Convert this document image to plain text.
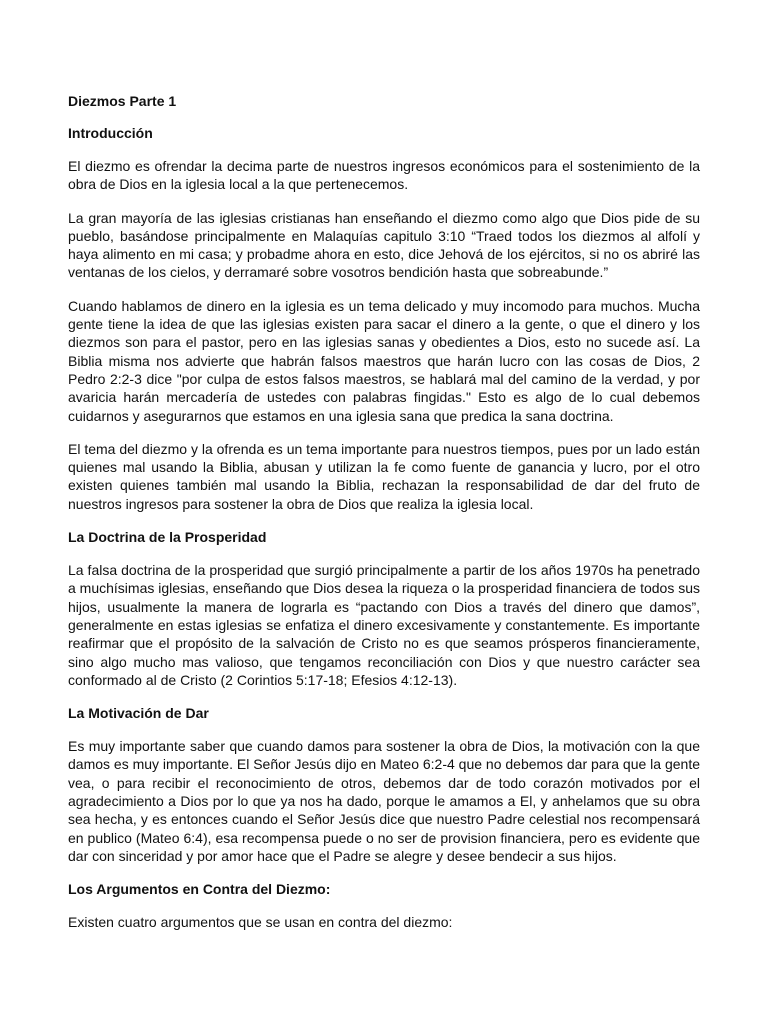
Diezmos Parte 1
Introducción

El diezmo es ofrendar la decima parte de nuestros ingresos económicos para el sostenimiento de la obra de Dios en la iglesia local a la que pertenecemos.

La gran mayoría de las iglesias cristianas han enseñando el diezmo como algo que Dios pide de su pueblo, basándose principalmente en Malaquías capitulo 3:10 “Traed todos los diezmos al alfolí y haya alimento en mi casa; y probadme ahora en esto, dice Jehová de los ejércitos, si no os abriré las ventanas de los cielos, y derramaré sobre vosotros bendición hasta que sobreabunde.”

Cuando hablamos de dinero en la iglesia es un tema delicado y muy incomodo para muchos. Mucha gente tiene la idea de que las iglesias existen para sacar el dinero a la gente, o que el dinero y los diezmos son para el pastor, pero en las iglesias sanas y obedientes a Dios, esto no sucede así. La Biblia misma nos advierte que habrán falsos maestros que harán lucro con las cosas de Dios, 2 Pedro 2:2-3 dice "por culpa de estos falsos maestros, se hablará mal del camino de la verdad, y por avaricia harán mercadería de ustedes con palabras fingidas." Esto es algo de lo cual debemos cuidarnos y asegurarnos que estamos en una iglesia sana que predica la sana doctrina.

El tema del diezmo y la ofrenda es un tema importante para nuestros tiempos, pues por un lado están quienes mal usando la Biblia, abusan y utilizan la fe como fuente de ganancia y lucro, por el otro existen quienes también mal usando la Biblia, rechazan la responsabilidad de dar del fruto de nuestros ingresos para sostener la obra de Dios que realiza la iglesia local.

La Doctrina de la Prosperidad

La falsa doctrina de la prosperidad que surgió principalmente a partir de los años 1970s ha penetrado a muchísimas iglesias, enseñando que Dios desea la riqueza o la prosperidad financiera de todos sus hijos, usualmente la manera de lograrla es “pactando con Dios a través del dinero que damos”, generalmente en estas iglesias se enfatiza el dinero excesivamente y constantemente. Es importante reafirmar que el propósito de la salvación de Cristo no es que seamos prósperos financieramente, sino algo mucho mas valioso, que tengamos reconciliación con Dios y que nuestro carácter sea conformado al de Cristo (2 Corintios 5:17-18; Efesios 4:12-13).

La Motivación de Dar

Es muy importante saber que cuando damos para sostener la obra de Dios, la motivación con la que damos es muy importante. El Señor Jesús dijo en Mateo 6:2-4 que no debemos dar para que la gente vea, o para recibir el reconocimiento de otros, debemos dar de todo corazón motivados por el agradecimiento a Dios por lo que ya nos ha dado, porque le amamos a El, y anhelamos que su obra sea hecha, y es entonces cuando el Señor Jesús dice que nuestro Padre celestial nos recompensará en publico (Mateo 6:4), esa recompensa puede o no ser de provision financiera, pero es evidente que dar con sinceridad y por amor hace que el Padre se alegre y desee bendecir a sus hijos.

Los Argumentos en Contra del Diezmo:

Existen cuatro argumentos que se usan en contra del diezmo:
